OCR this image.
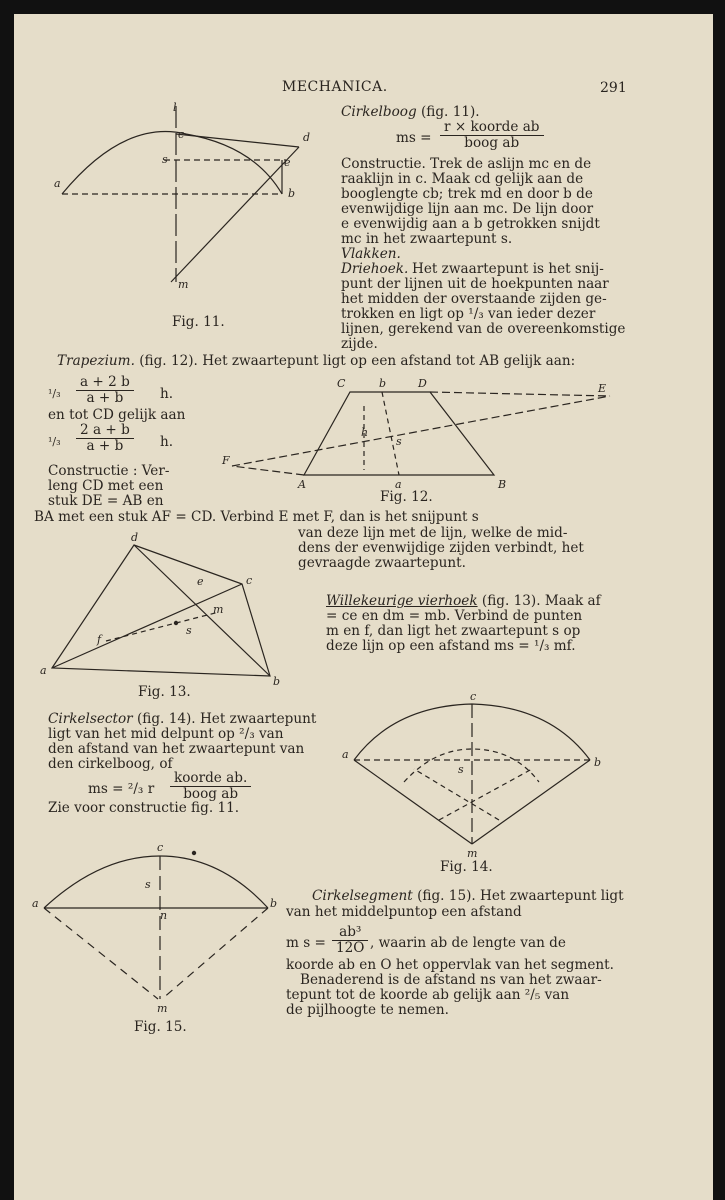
MECHANICA.	291
l
c	d
s	e
a
b
m
Fig. 11.
Cirkelboog (fig. 11).
ms =
r × koorde ab
boog ab
Constructie. Trek de aslijn mc en de
raaklijn in c. Maak cd gelijk aan de
booglengte cb; trek md en door b de
evenwijdige lijn aan mc. De lijn door
e evenwijdig aan a b getrokken snijdt
mc in het zwaartepunt s.
Vlakken.
Driehoek. Het zwaartepunt is het snij-
punt der lijnen uit de hoekpunten naar
het midden der overstaande zijden ge-
trokken en ligt op ¹/₃ van ieder dezer
lijnen, gerekend van de overeenkomstige
zijde.
Trapezium. (fig. 12). Het zwaartepunt ligt op een afstand tot AB gelijk aan:
$^1/_3 \frac{a + 2 b}{a + b} h$.
en tot CD gelijk aan
$^1/_3 \frac{2 a + b}{a + b} h$.
Constructie : Ver-
leng CD met een
stuk DE = AB en
BA met een stuk AF = CD. Verbind E met F, dan is het snijpunt s
van deze lijn met de lijn, welke de mid-
dens der evenwijdige zijden verbindt, het
gevraagde zwaartepunt.
C	b	D	E
h
s
F
A	a	B
Fig. 12.
d
e	c
m
f
s
a
b
Fig. 13.
Willekeurige vierhoek (fig. 13). Maak af
= ce en dm = mb. Verbind de punten
m en f, dan ligt het zwaartepunt s op
deze lijn op een afstand ms = ¹/₃ mf.
Cirkelsector (fig. 14). Het zwaartepunt
ligt van het mid delpunt op ²/₃ van
den afstand van het zwaartepunt van
den cirkelboog, of
ms = ²/₃ r
koorde ab.
boog ab
Zie voor constructie fig. 11.
c
a
s
b
m
Fig. 14.
c
s
a
n
b
m
Fig. 15.
Cirkelsegment (fig. 15). Het zwaartepunt ligt
van het middelpuntop een afstand
m $s = \frac{\text{ab³}}{12O}$ , waarin ab de lengte van de
koorde ab en O het oppervlak van het segment.
Benaderend is de afstand ns van het zwaar-
tepunt tot de koorde ab gelijk aan ²/₅ van
de pijlhoogte te nemen.
